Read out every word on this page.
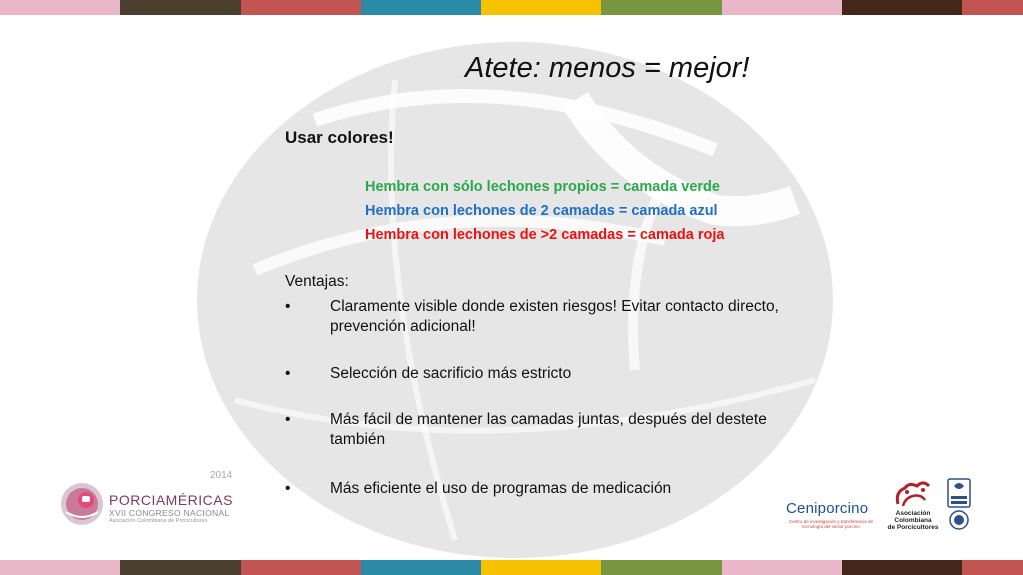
Atete: menos = mejor!
Usar colores!
Hembra con sólo lechones propios = camada verde
Hembra con lechones de 2 camadas = camada azul
Hembra con lechones de >2 camadas = camada roja
Ventajas:
•	Claramente visible donde existen riesgos! Evitar contacto directo, prevención adicional!
•	Selección de sacrificio más estricto
•	Más fácil de mantener las camadas juntas, después del destete también
•	Más eficiente el uso de programas de medicación
2014
PORCIAMÉRICAS
XVII CONGRESO NACIONAL
Asociación Colombiana de Porcicultores
Ceniporcino
Centro de investigación y transferencia de tecnología del sector porcino
Asociación
Colombiana
de Porcicultores
